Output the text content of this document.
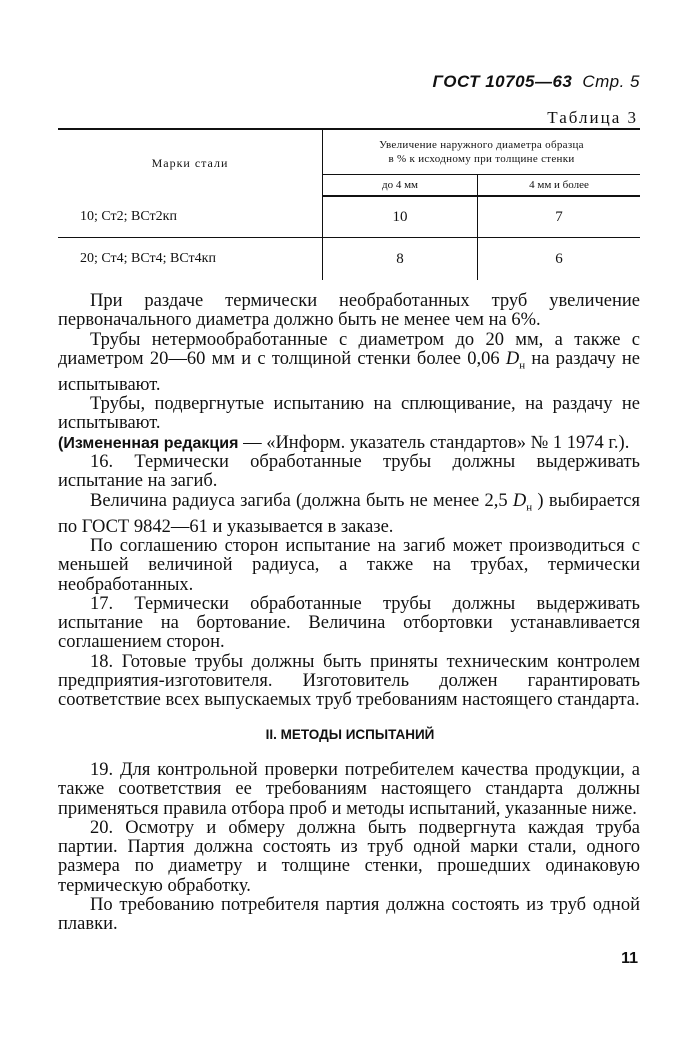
ГОСТ 10705—63 Стр. 5
Таблица 3
Марки стали	Увеличение наружного диаметра образца
в % к исходному при толщине стенки	

	до 4 мм	4 мм и более
10; Ст2; ВСт2кп	10	7
20; Ст4; ВСт4; ВСт4кп	8	6

При раздаче термически необработанных труб увеличение первоначального диаметра должно быть не менее чем на 6%.

Трубы нетермообработанные с диаметром до 20 мм, а также с диаметром 20—60 мм и с толщиной стенки более 0,06 $D_н$ на раздачу не испытывают.

Трубы, подвергнутые испытанию на сплющивание, на раздачу не испытывают.

(Измененная редакция — «Информ. указатель стандартов» № 1 1974 г.).

16. Термически обработанные трубы должны выдерживать испытание на загиб.

Величина радиуса загиба (должна быть не менее 2,5 $D_н$ ) выбирается по ГОСТ 9842—61 и указывается в заказе.

По соглашению сторон испытание на загиб может производиться с меньшей величиной радиуса, а также на трубах, термически необработанных.

17. Термически обработанные трубы должны выдерживать испытание на бортование. Величина отбортовки устанавливается соглашением сторон.

18. Готовые трубы должны быть приняты техническим контролем предприятия-изготовителя. Изготовитель должен гарантировать соответствие всех выпускаемых труб требованиям настоящего стандарта.

II. МЕТОДЫ ИСПЫТАНИЙ

19. Для контрольной проверки потребителем качества продукции, а также соответствия ее требованиям настоящего стандарта должны применяться правила отбора проб и методы испытаний, указанные ниже.

20. Осмотру и обмеру должна быть подвергнута каждая труба партии. Партия должна состоять из труб одной марки стали, одного размера по диаметру и толщине стенки, прошедших одинаковую термическую обработку.

По требованию потребителя партия должна состоять из труб одной плавки.

11
